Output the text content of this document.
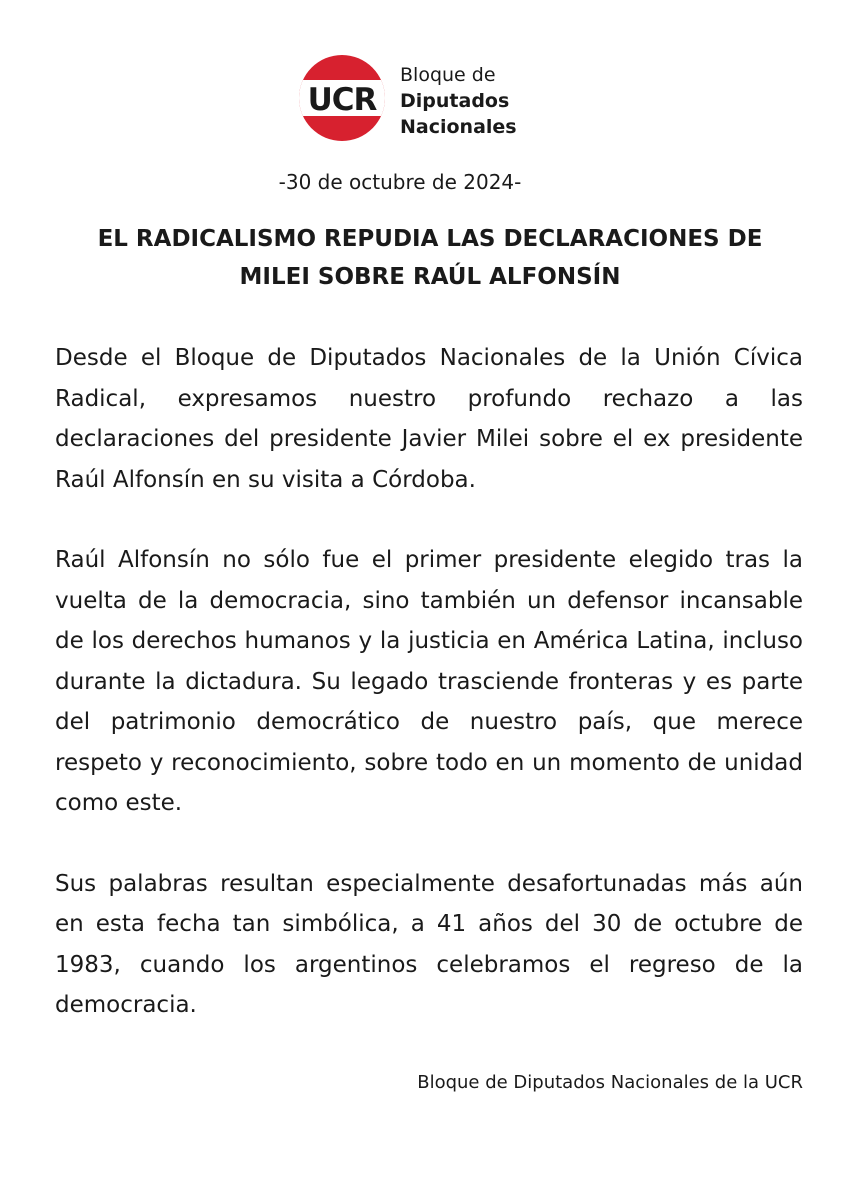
UCR
Bloque de
Diputados
Nacionales
-30 de octubre de 2024-
EL RADICALISMO REPUDIA LAS DECLARACIONES DE
MILEI SOBRE RAÚL ALFONSÍN

Desde el Bloque de Diputados Nacionales de la Unión Cívica Radical, expresamos nuestro profundo rechazo a las declaraciones del presidente Javier Milei sobre el ex presidente Raúl Alfonsín en su visita a Córdoba.

Raúl Alfonsín no sólo fue el primer presidente elegido tras la vuelta de la democracia, sino también un defensor incansable de los derechos humanos y la justicia en América Latina, incluso durante la dictadura. Su legado trasciende fronteras y es parte del patrimonio democrático de nuestro país, que merece respeto y reconocimiento, sobre todo en un momento de unidad como este.

Sus palabras resultan especialmente desafortunadas más aún en esta fecha tan simbólica, a 41 años del 30 de octubre de 1983, cuando los argentinos celebramos el regreso de la democracia.

Bloque de Diputados Nacionales de la UCR
